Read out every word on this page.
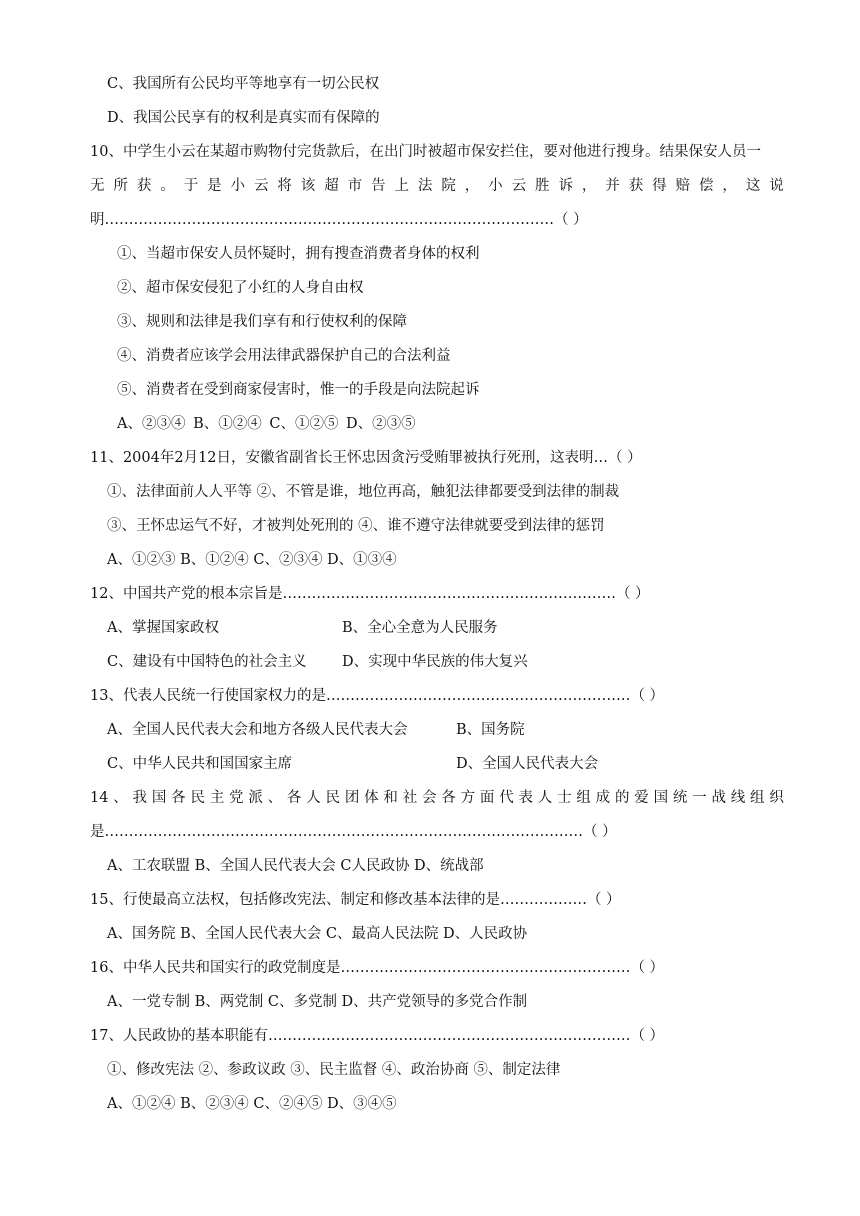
C、我国所有公民均平等地享有一切公民权
D、我国公民享有的权利是真实而有保障的
10、中学生小云在某超市购物付完货款后，在出门时被超市保安拦住，要对他进行搜身。结果保安人员一
无 所 获 。 于 是 小 云 将 该 超 市 告 上 法 院 ， 小 云 胜 诉 ， 并 获 得 赔 偿 ， 这 说
明…………………………………………………………………………………（ ）
①、当超市保安人员怀疑时，拥有搜查消费者身体的权利
②、超市保安侵犯了小红的人身自由权
③、规则和法律是我们享有和行使权利的保障
④、消费者应该学会用法律武器保护自己的合法利益
⑤、消费者在受到商家侵害时，惟一的手段是向法院起诉
A、②③④ B、①②④ C、①②⑤ D、②③⑤
11、2004年2月12日，安徽省副省长王怀忠因贪污受贿罪被执行死刑，这表明…（ ）
①、法律面前人人平等 ②、不管是谁，地位再高，触犯法律都要受到法律的制裁
③、王怀忠运气不好，才被判处死刑的 ④、谁不遵守法律就要受到法律的惩罚
A、①②③ B、①②④ C、②③④ D、①③④
12、中国共产党的根本宗旨是……………………………………………………………（ ）
A、掌握国家政权	B、全心全意为人民服务
C、建设有中国特色的社会主义 D、实现中华民族的伟大复兴
13、代表人民统一行使国家权力的是………………………………………………………（ ）
A、全国人民代表大会和地方各级人民代表大会	B、国务院
C、中华人民共和国国家主席	D、全国人民代表大会
14 、 我 国 各 民 主 党 派 、 各 人 民 团 体 和 社 会 各 方 面 代 表 人 士 组 成 的 爱 国 统 一 战 线 组 织
是………………………………………………………………………………………（ ）
A、工农联盟 B、全国人民代表大会 C人民政协 D、统战部
15、行使最高立法权，包括修改宪法、制定和修改基本法律的是………………（ ）
A、国务院 B、全国人民代表大会 C、最高人民法院 D、人民政协
16、中华人民共和国实行的政党制度是……………………………………………………（ ）
A、一党专制 B、两党制 C、多党制 D、共产党领导的多党合作制
17、人民政协的基本职能有…………………………………………………………………（ ）
①、修改宪法 ②、参政议政 ③、民主监督 ④、政治协商 ⑤、制定法律
A、①②④ B、②③④ C、②④⑤ D、③④⑤
